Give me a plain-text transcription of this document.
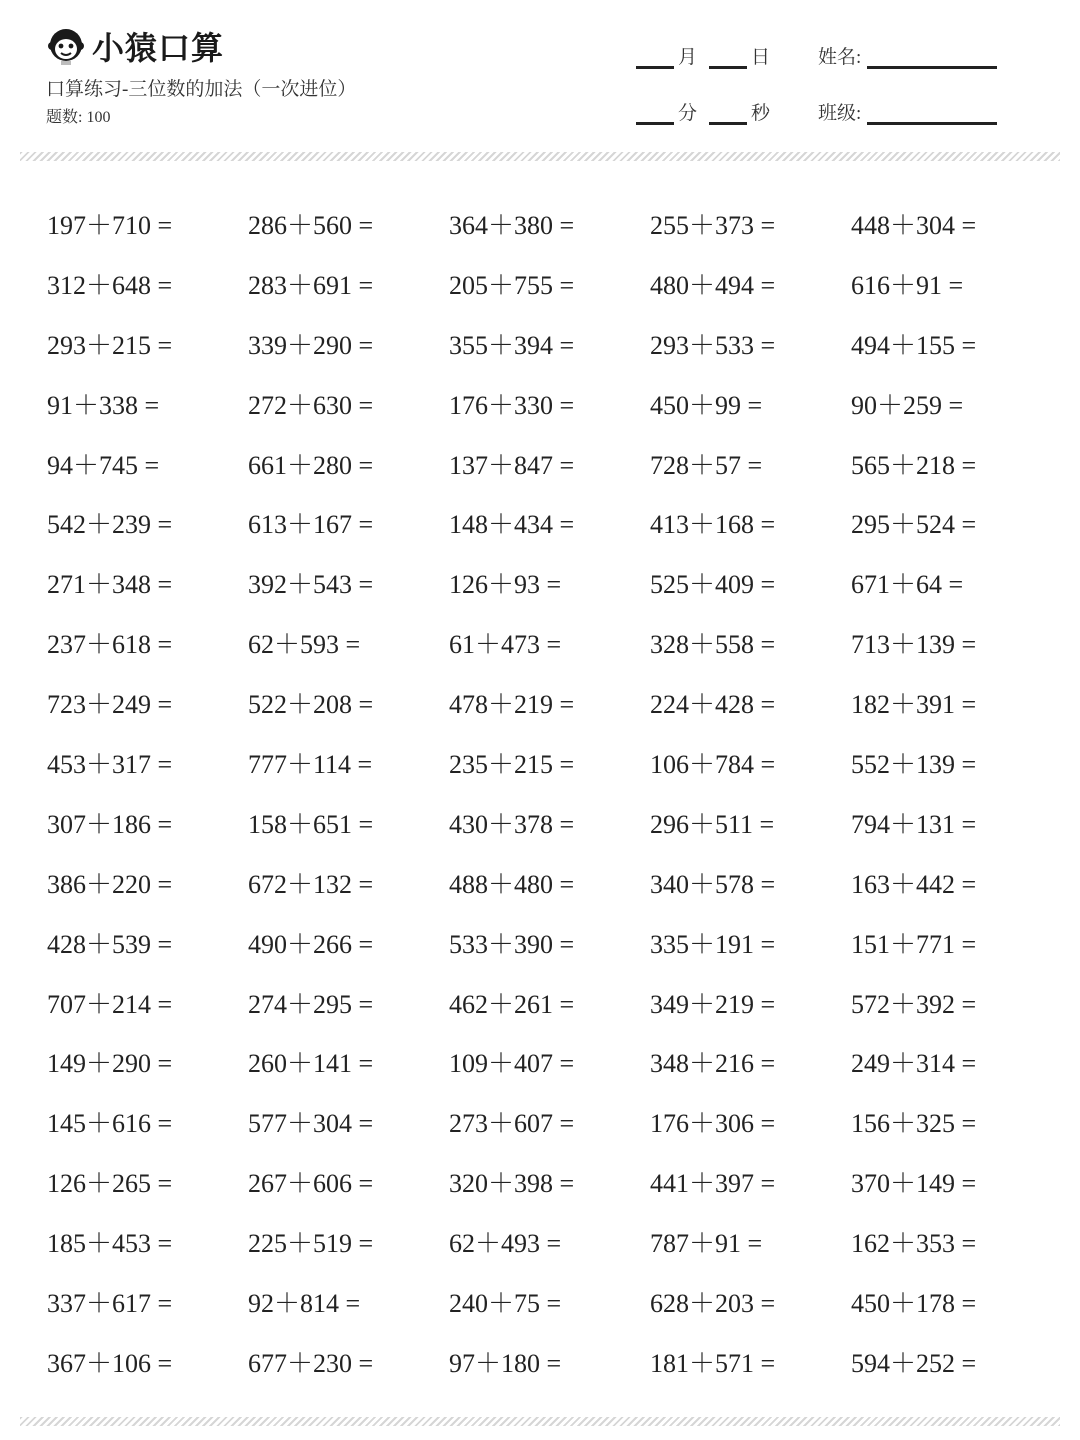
小猿口算
口算练习-三位数的加法（一次进位）
题数: 100
月	日
分	秒
姓名:
班级:
197＋710 =	286＋560 =	364＋380 =	255＋373 =	448＋304 =
312＋648 =	283＋691 =	205＋755 =	480＋494 =	616＋91 =
293＋215 =	339＋290 =	355＋394 =	293＋533 =	494＋155 =
91＋338 =	272＋630 =	176＋330 =	450＋99 =	90＋259 =
94＋745 =	661＋280 =	137＋847 =	728＋57 =	565＋218 =
542＋239 =	613＋167 =	148＋434 =	413＋168 =	295＋524 =
271＋348 =	392＋543 =	126＋93 =	525＋409 =	671＋64 =
237＋618 =	62＋593 =	61＋473 =	328＋558 =	713＋139 =
723＋249 =	522＋208 =	478＋219 =	224＋428 =	182＋391 =
453＋317 =	777＋114 =	235＋215 =	106＋784 =	552＋139 =
307＋186 =	158＋651 =	430＋378 =	296＋511 =	794＋131 =
386＋220 =	672＋132 =	488＋480 =	340＋578 =	163＋442 =
428＋539 =	490＋266 =	533＋390 =	335＋191 =	151＋771 =
707＋214 =	274＋295 =	462＋261 =	349＋219 =	572＋392 =
149＋290 =	260＋141 =	109＋407 =	348＋216 =	249＋314 =
145＋616 =	577＋304 =	273＋607 =	176＋306 =	156＋325 =
126＋265 =	267＋606 =	320＋398 =	441＋397 =	370＋149 =
185＋453 =	225＋519 =	62＋493 =	787＋91 =	162＋353 =
337＋617 =	92＋814 =	240＋75 =	628＋203 =	450＋178 =
367＋106 =	677＋230 =	97＋180 =	181＋571 =	594＋252 =
